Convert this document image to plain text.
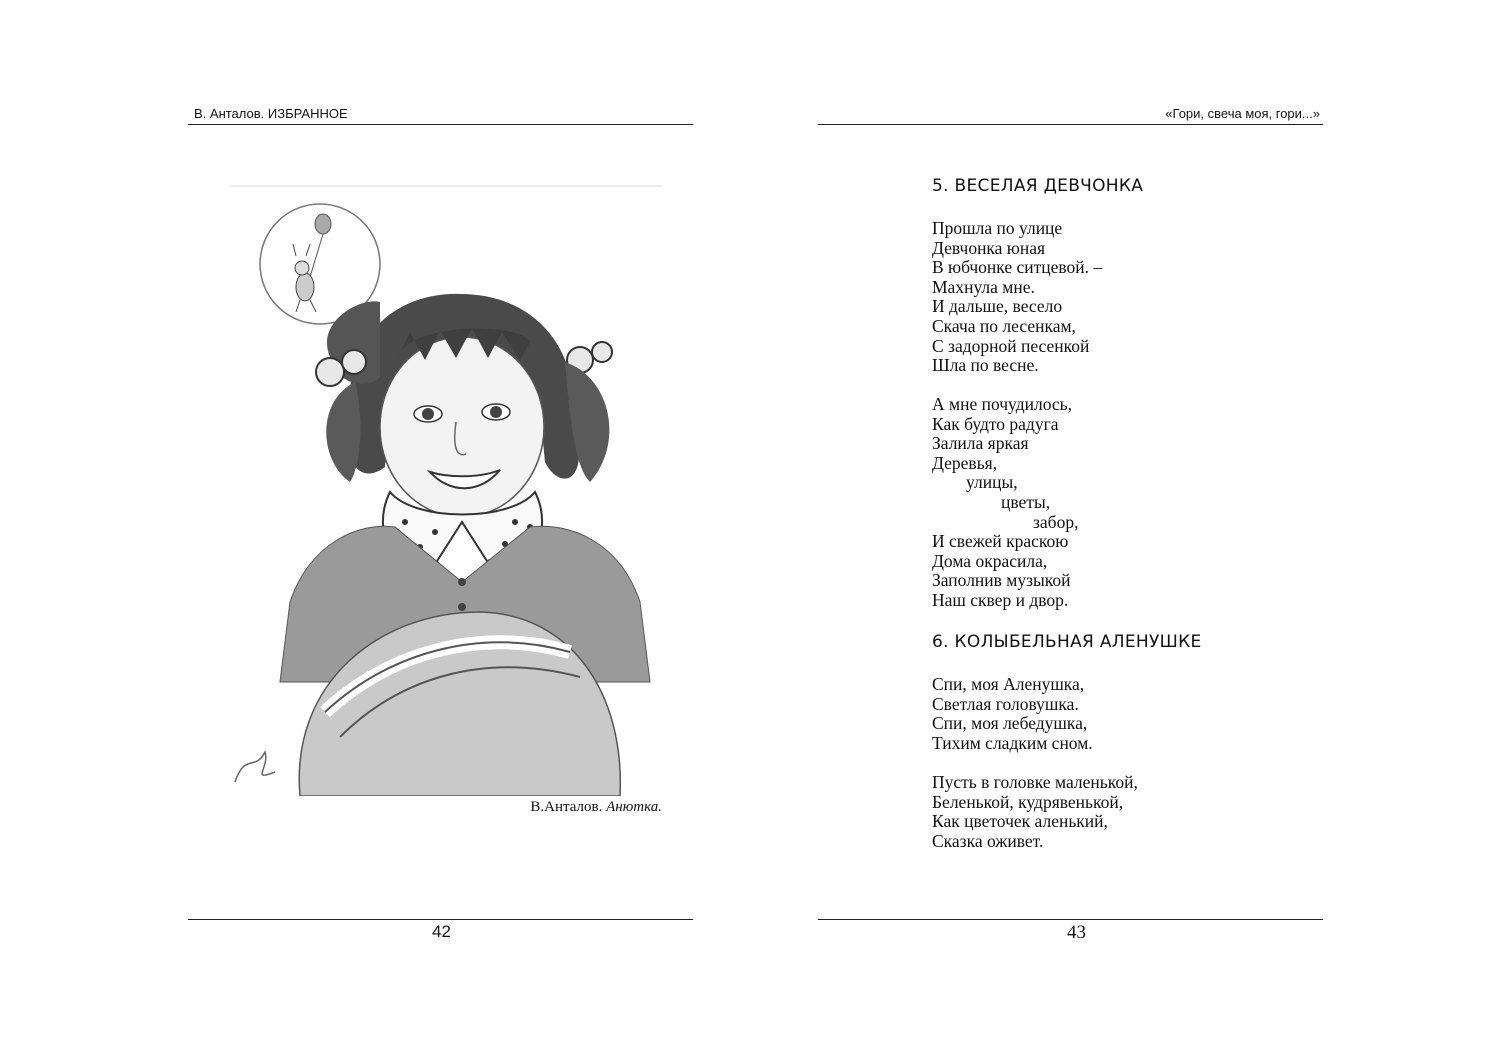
В. Анталов. ИЗБРАННОЕ
В.Анталов. Анютка.
42
«Гори, свеча моя, гори...»
5. ВЕСЕЛАЯ ДЕВЧОНКА
Прошла по улице
Девчонка юная
В юбчонке ситцевой. –
Махнула мне.
И дальше, весело
Скача по лесенкам,
С задорной песенкой
Шла по весне.
А мне почудилось,
Как будто радуга
Залила яркая
Деревья,
улицы,
цветы,
забор,
И свежей краскою
Дома окрасила,
Заполнив музыкой
Наш сквер и двор.
6. КОЛЫБЕЛЬНАЯ АЛЕНУШКЕ
Спи, моя Аленушка,
Светлая головушка.
Спи, моя лебедушка,
Тихим сладким сном.
Пусть в головке маленькой,
Беленькой, кудрявенькой,
Как цветочек аленький,
Сказка оживет.
43
